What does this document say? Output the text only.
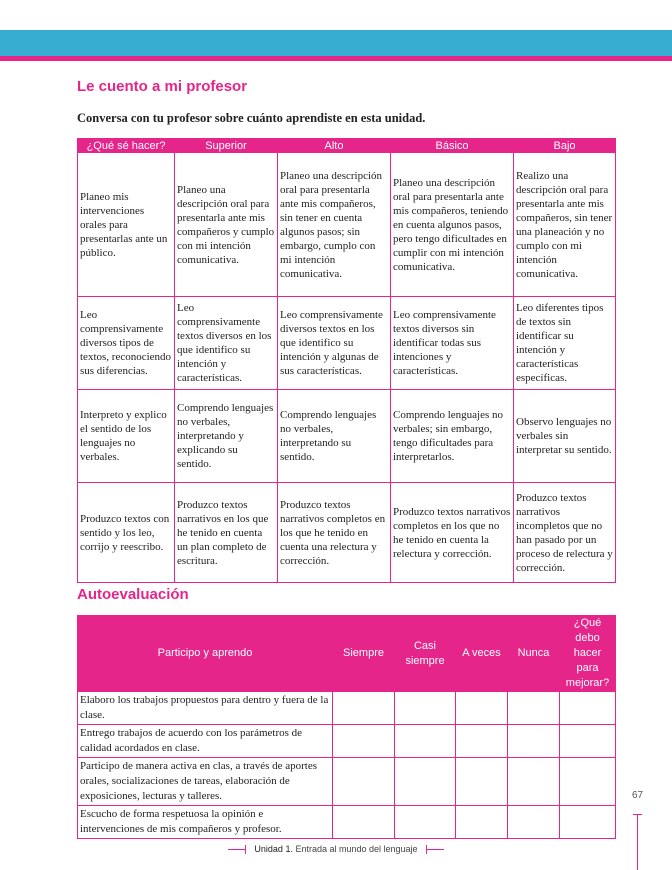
Le cuento a mi profesor

Conversa con tu profesor sobre cuánto aprendiste en esta unidad.

¿Qué sé hacer?	Superior	Alto	Básico	Bajo
Planeo mis intervenciones orales para presentarlas ante un público.	Planeo una descripción oral para presentarla ante mis compañeros y cumplo con mi intención comunicativa.	Planeo una descripción oral para presentarla ante mis compañeros, sin tener en cuenta algunos pasos; sin embargo, cumplo con mi intención comunicativa.	Planeo una descripción oral para presentarla ante mis compañeros, teniendo en cuenta algunos pasos, pero tengo dificultades en cumplir con mi intención comunicativa.	Realizo una descripción oral para presentarla ante mis compañeros, sin tener una planeación y no cumplo con mi intención comunicativa.
Leo comprensivamente diversos tipos de textos, reconociendo sus diferencias.	Leo comprensivamente textos diversos en los que identifico su intención y características.	Leo comprensivamente diversos textos en los que identifico su intención y algunas de sus características.	Leo comprensivamente textos diversos sin identificar todas sus intenciones y características.	Leo diferentes tipos de textos sin identificar su intención y características específicas.
Interpreto y explico el sentido de los lenguajes no verbales.	Comprendo lenguajes no verbales, interpretando y explicando su sentido.	Comprendo lenguajes no verbales, interpretando su sentido.	Comprendo lenguajes no verbales; sin embargo, tengo dificultades para interpretarlos.	Observo lenguajes no verbales sin interpretar su sentido.
Produzco textos con sentido y los leo, corrijo y reescribo.	Produzco textos narrativos en los que he tenido en cuenta un plan completo de escritura.	Produzco textos narrativos completos en los que he tenido en cuenta una relectura y corrección.	Produzco textos narrativos completos en los que no he tenido en cuenta la relectura y corrección.	Produzco textos narrativos incompletos que no han pasado por un proceso de relectura y corrección.
Autoevaluación
Participo y aprendo	Siempre	Casi siempre	A veces	Nunca	¿Qué debo hacer para mejorar?
Elaboro los trabajos propuestos para dentro y fuera de la clase.					
Entrego trabajos de acuerdo con los parámetros de calidad acordados en clase.					
Participo de manera activa en clas, a través de aportes orales, socializaciones de tareas, elaboración de exposiciones, lecturas y talleres.					
Escucho de forma respetuosa la opinión e intervenciones de mis compañeros y profesor.					
67
Unidad 1. Entrada al mundo del lenguaje
